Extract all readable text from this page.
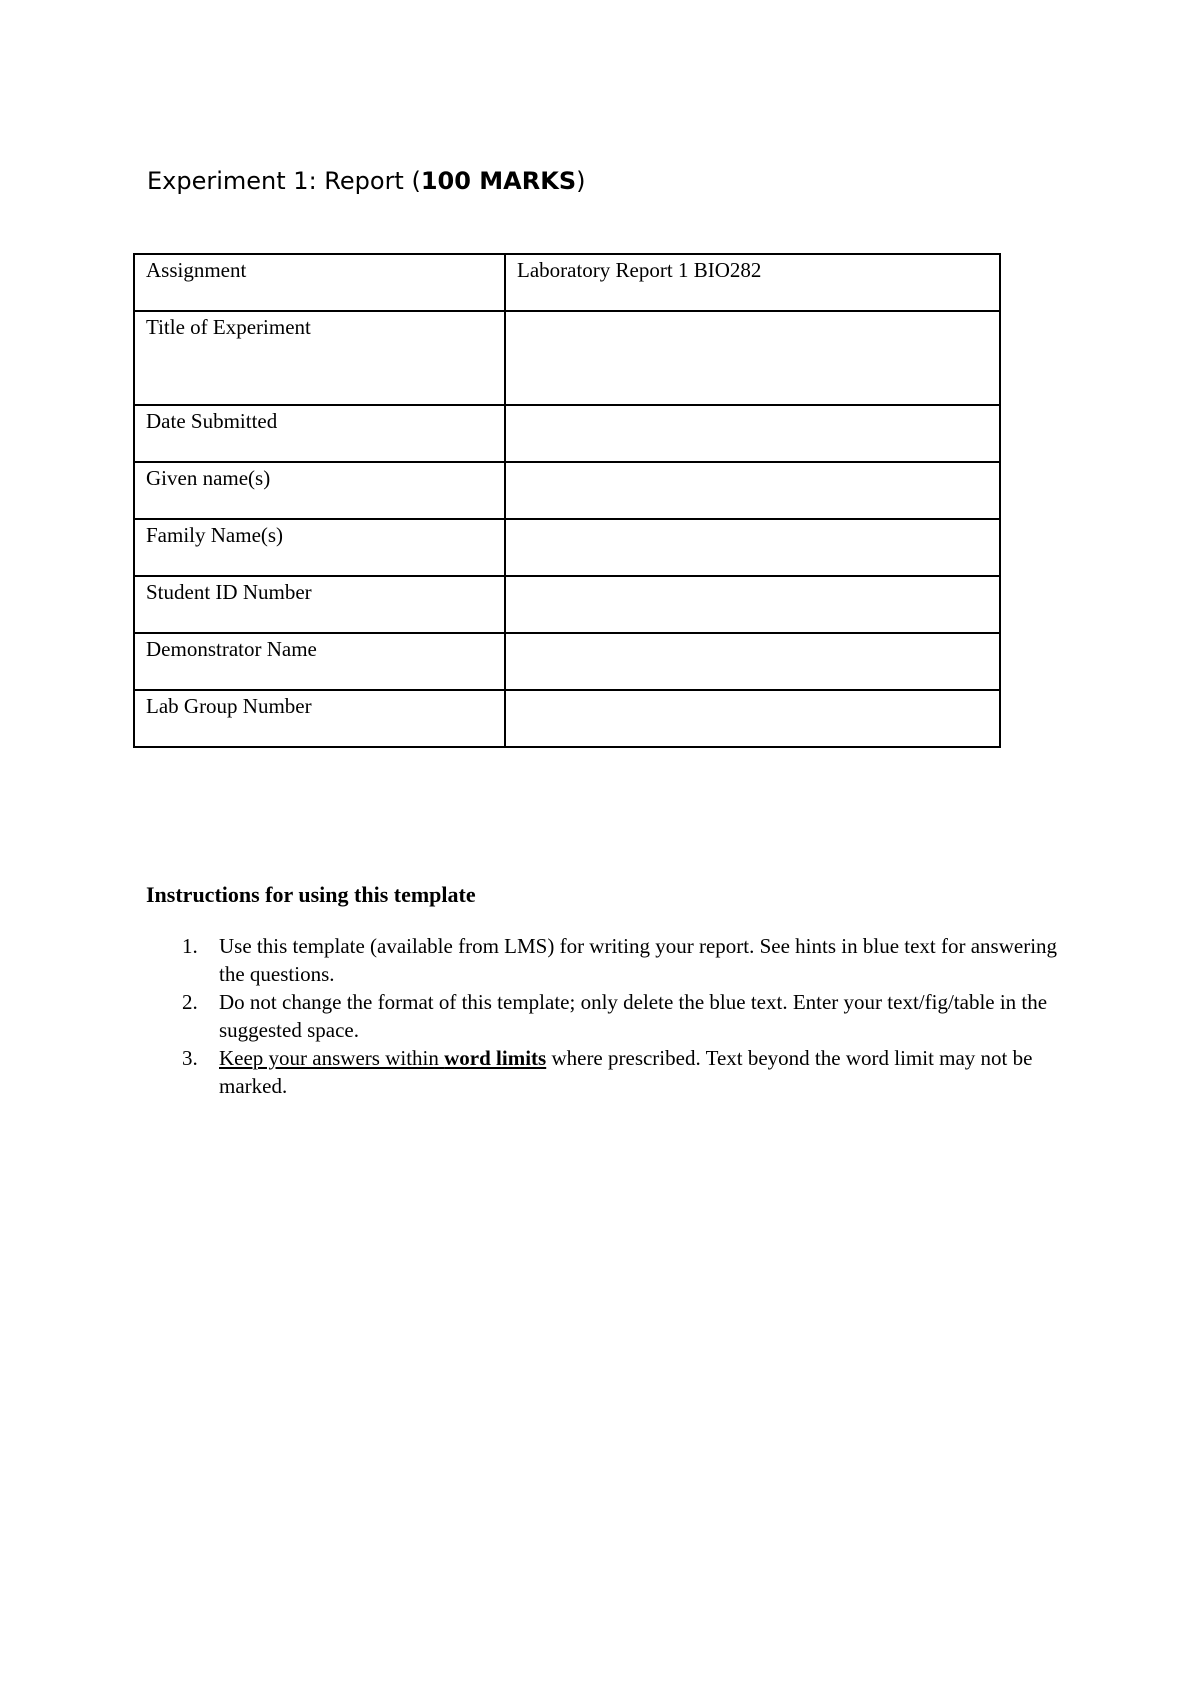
Experiment 1: Report (100 MARKS)
Assignment	Laboratory Report 1 BIO282
Title of Experiment	
Date Submitted	
Given name(s)	
Family Name(s)	
Student ID Number	
Demonstrator Name	
Lab Group Number	
Instructions for using this template
1. Use this template (available from LMS) for writing your report. See hints in blue text for answering the questions.
2. Do not change the format of this template; only delete the blue text. Enter your text/fig/table in the suggested space.
3. Keep your answers within word limits where prescribed. Text beyond the word limit may not be marked.
